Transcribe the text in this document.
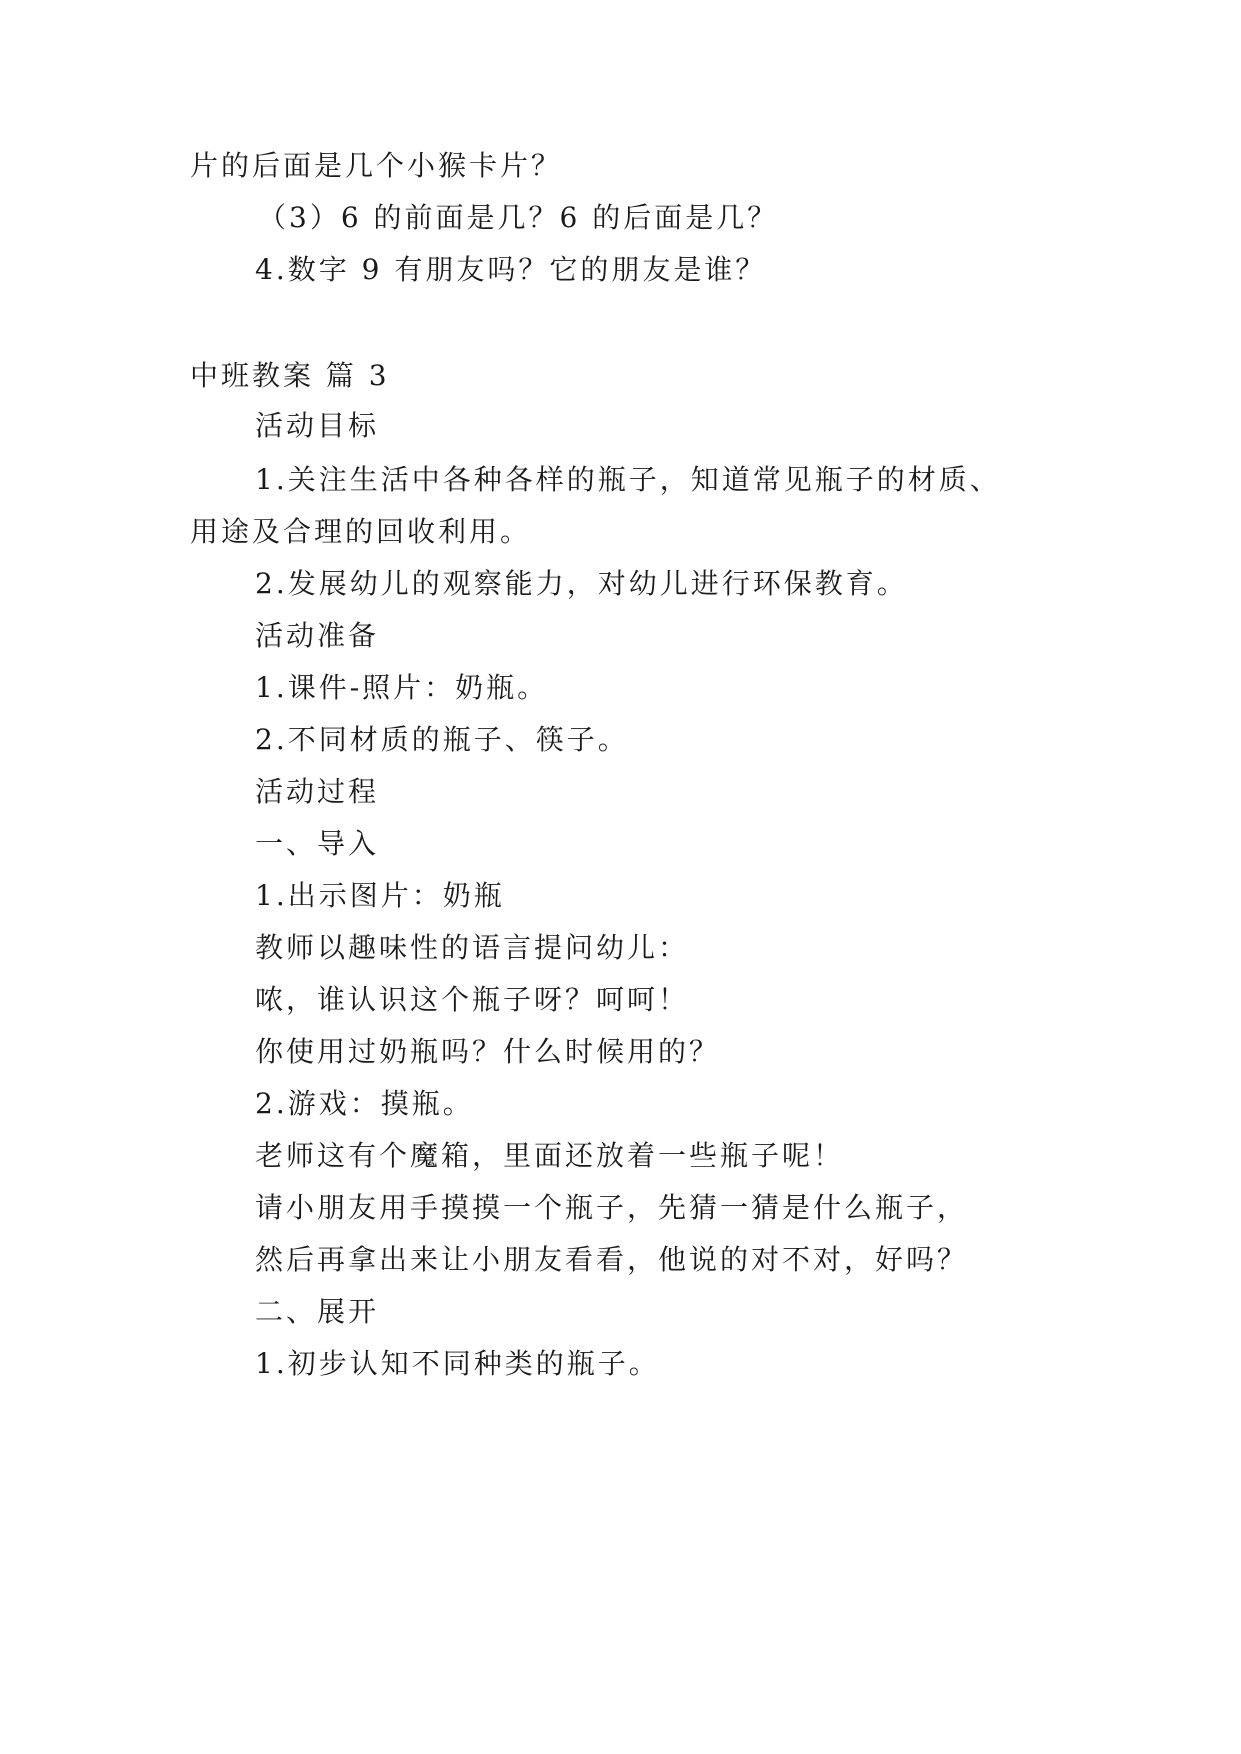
片的后面是几个小猴卡片？
（3）6 的前面是几？6 的后面是几？
4.数字 9 有朋友吗？它的朋友是谁？
中班教案 篇 3
活动目标
1.关注生活中各种各样的瓶子，知道常见瓶子的材质、
用途及合理的回收利用。
2.发展幼儿的观察能力，对幼儿进行环保教育。
活动准备
1.课件-照片：奶瓶。
2.不同材质的瓶子、筷子。
活动过程
一、导入
1.出示图片：奶瓶
教师以趣味性的语言提问幼儿：
哝，谁认识这个瓶子呀？呵呵！
你使用过奶瓶吗？什么时候用的？
2.游戏：摸瓶。
老师这有个魔箱，里面还放着一些瓶子呢！
请小朋友用手摸摸一个瓶子，先猜一猜是什么瓶子，
然后再拿出来让小朋友看看，他说的对不对，好吗？
二、展开
1.初步认知不同种类的瓶子。
